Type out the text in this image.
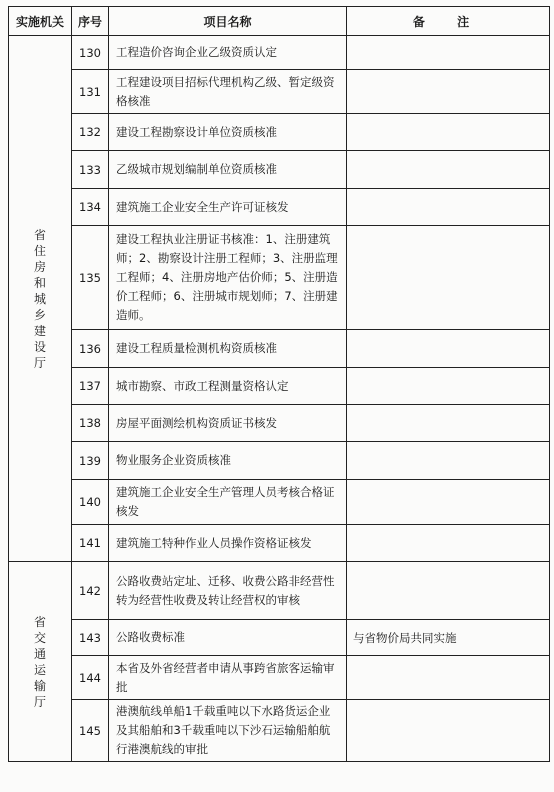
实施机关	序号	项目名称	备 注
省住房和城乡建设厅	130	工程造价咨询企业乙级资质认定	
	131	工程建设项目招标代理机构乙级、暂定级资格核准	
	132	建设工程勘察设计单位资质核准	
	133	乙级城市规划编制单位资质核准	
	134	建筑施工企业安全生产许可证核发	
	135	建设工程执业注册证书核准：1、注册建筑师；2、勘察设计注册工程师；3、注册监理工程师；4、注册房地产估价师；5、注册造价工程师；6、注册城市规划师；7、注册建造师。	
	136	建设工程质量检测机构资质核准	
	137	城市勘察、市政工程测量资格认定	
	138	房屋平面测绘机构资质证书核发	
	139	物业服务企业资质核准	
	140	建筑施工企业安全生产管理人员考核合格证核发	
	141	建筑施工特种作业人员操作资格证核发	
省交通运输厅	142	公路收费站定址、迁移、收费公路非经营性转为经营性收费及转让经营权的审核	
	143	公路收费标准	与省物价局共同实施
	144	本省及外省经营者申请从事跨省旅客运输审批	
	145	港澳航线单船1千载重吨以下水路货运企业及其船舶和3千载重吨以下沙石运输船舶航行港澳航线的审批	
